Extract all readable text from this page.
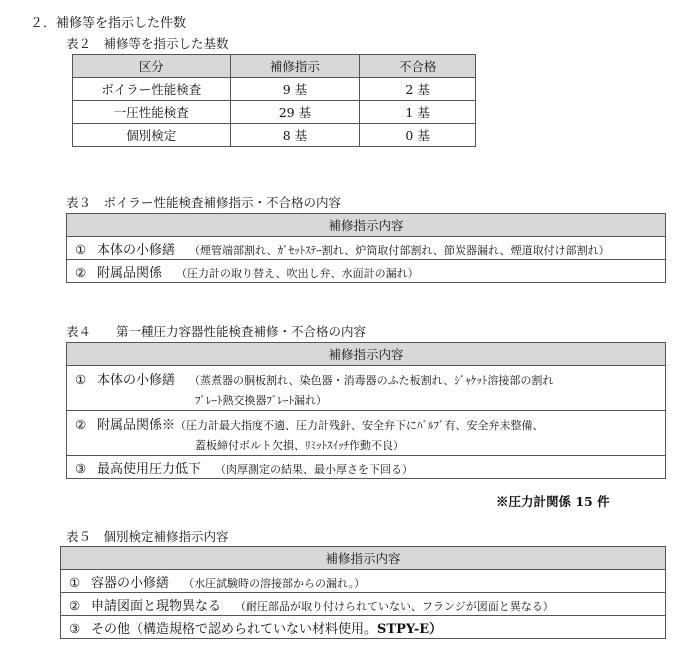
２．補修等を指示した件数
表２　補修等を指示した基数
区分	補修指示	不合格
ボイラー性能検査	9 基	2 基
一圧性能検査	29 基	1 基
個別検定	8 基	0 基
表３　ボイラー性能検査補修指示・不合格の内容
補修指示内容
① 本体の小修繕 （煙管端部割れ、ｶﾞｾｯﾄｽﾃｰ割れ、炉筒取付部割れ、節炭器漏れ、煙道取付け部割れ）
② 附属品関係 （圧力計の取り替え、吹出し弁、水面計の漏れ）
表４　　第一種圧力容器性能検査補修・不合格の内容
補修指示内容
① 本体の小修繕 （蒸煮器の胴板割れ、染色器・消毒器のふた板割れ、ｼﾞｬｹｯﾄ溶接部の割れ
ﾌﾟﾚｰﾄ熱交換器ﾌﾟﾚｰﾄ漏れ）

② 附属品関係※（圧力計最大指度不適、圧力計残針、安全弁下にﾊﾞﾙﾌﾞ有、安全弁未整備、
蓋板締付ボルト欠損、ﾘﾐｯﾄｽｲｯﾁ作動不良）

③ 最高使用圧力低下 （肉厚測定の結果、最小厚さを下回る）
※圧力計関係 15 件
表５　個別検定補修指示内容
補修指示内容
① 容器の小修繕 （水圧試験時の溶接部からの漏れ。）
② 申請図面と現物異なる （耐圧部品が取り付けられていない、フランジが図面と異なる）
③ その他（構造規格で認められていない材料使用。STPY-E）
